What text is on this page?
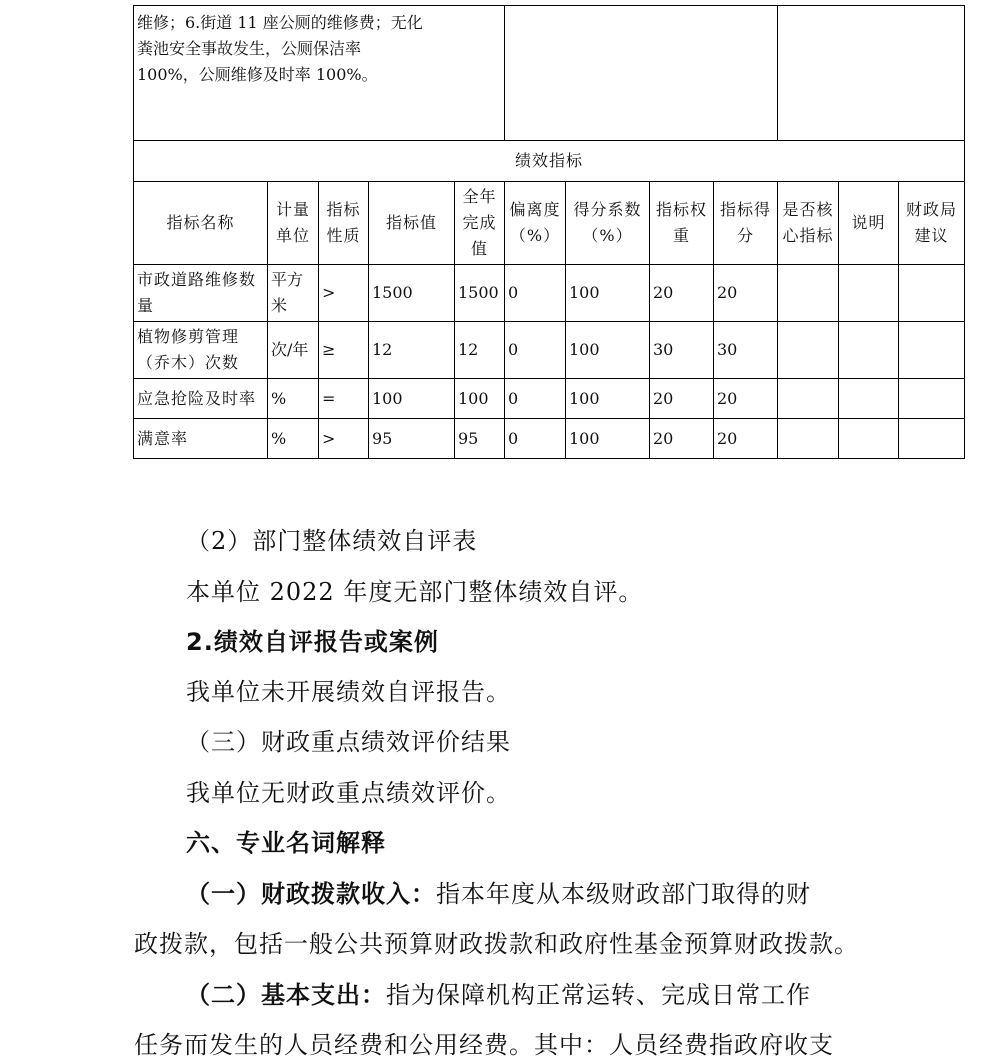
维修；6.街道 11 座公厕的维修费；无化
粪池安全事故发生，公厕保洁率
100%，公厕维修及时率 100%。											

绩效指标											
指标名称	计量单位	指标性质	指标值	全年完成值	偏离度（%）	得分系数（%）	指标权重	指标得分	是否核心指标	说明	财政局建议
市政道路维修数量	平方米	>	1500	1500	0	100	20	20			
植物修剪管理（乔木）次数	次/年	≥	12	12	0	100	30	30			
应急抢险及时率	%	=	100	100	0	100	20	20			
满意率	%	>	95	95	0	100	20	20			
（2）部门整体绩效自评表
本单位 2022 年度无部门整体绩效自评。
2.绩效自评报告或案例
我单位未开展绩效自评报告。
（三）财政重点绩效评价结果
我单位无财政重点绩效评价。
六、专业名词解释
（一）财政拨款收入：指本年度从本级财政部门取得的财
政拨款，包括一般公共预算财政拨款和政府性基金预算财政拨款。
（二）基本支出：指为保障机构正常运转、完成日常工作
任务而发生的人员经费和公用经费。其中：人员经费指政府收支
